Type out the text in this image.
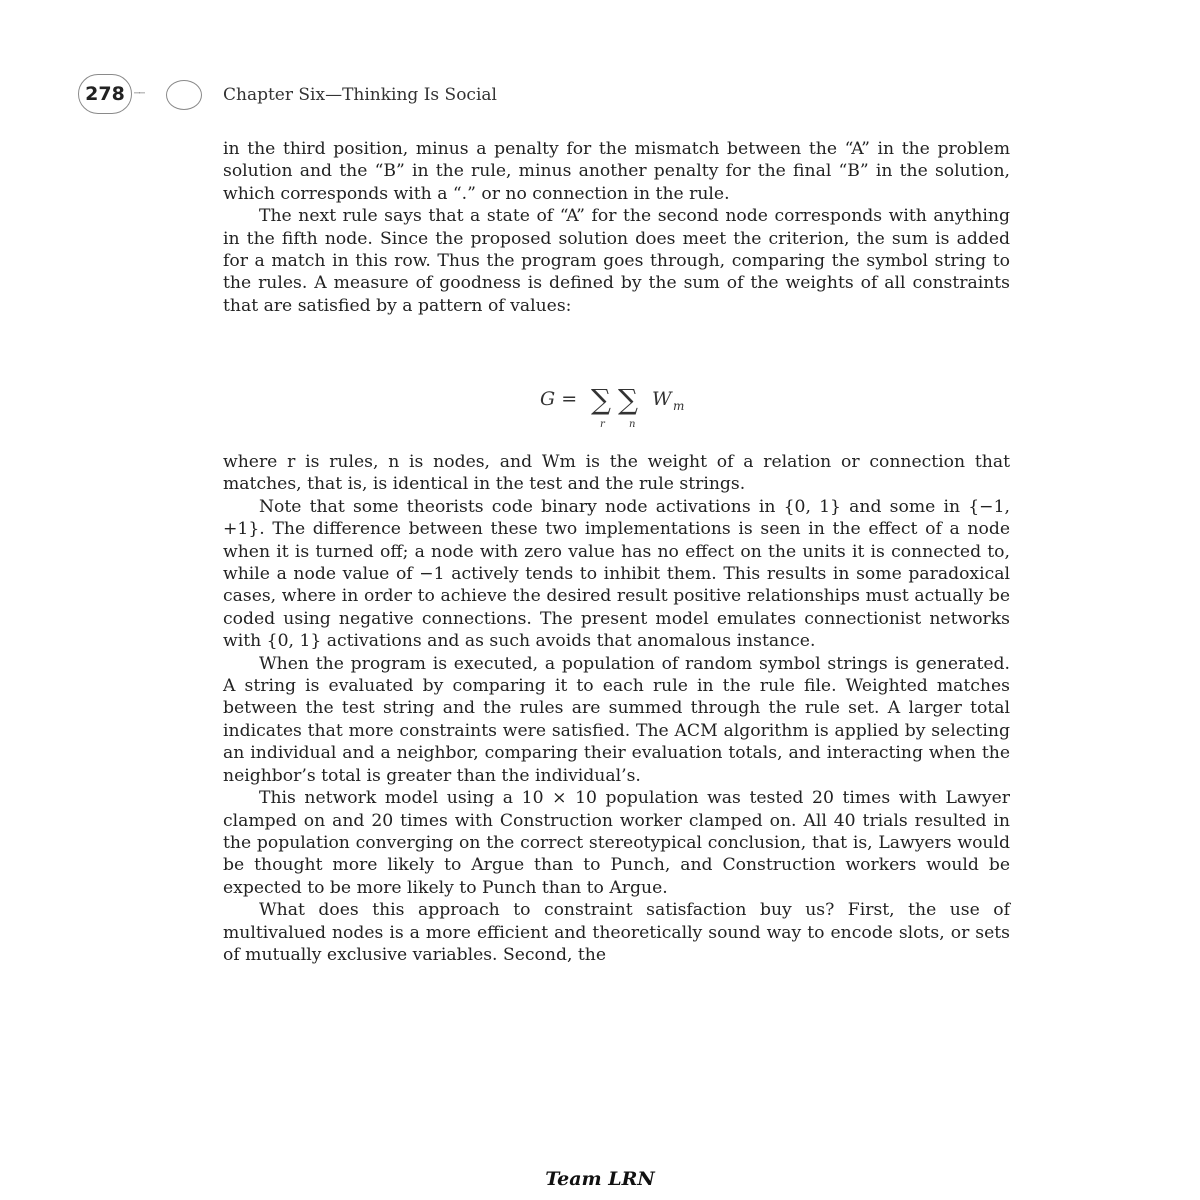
278 ⋯⋯	Chapter Six—Thinking Is Social

in the third position, minus a penalty for the mismatch between the “A” in the problem solution and the “B” in the rule, minus another penalty for the final “B” in the solution, which corresponds with a “.” or no connection in the rule.

The next rule says that a state of “A” for the second node corresponds with anything in the fifth node. Since the proposed solution does meet the criterion, the sum is added for a match in this row. Thus the program goes through, comparing the symbol string to the rules. A measure of goodness is defined by the sum of the weights of all constraints that are satisfied by a pattern of values:

G = ∑ ∑
r n
W m

where r is rules, n is nodes, and Wm is the weight of a relation or connection that matches, that is, is identical in the test and the rule strings.

Note that some theorists code binary node activations in {0, 1} and some in {−1, +1}. The difference between these two implementations is seen in the effect of a node when it is turned off; a node with zero value has no effect on the units it is connected to, while a node value of −1 actively tends to inhibit them. This results in some paradoxical cases, where in order to achieve the desired result positive relationships must actually be coded using negative connections. The present model emulates connectionist networks with {0, 1} activations and as such avoids that anomalous instance.

When the program is executed, a population of random symbol strings is generated. A string is evaluated by comparing it to each rule in the rule file. Weighted matches between the test string and the rules are summed through the rule set. A larger total indicates that more constraints were satisfied. The ACM algorithm is applied by selecting an individual and a neighbor, comparing their evaluation totals, and interacting when the neighbor’s total is greater than the individual’s.

This network model using a 10 × 10 population was tested 20 times with Lawyer clamped on and 20 times with Construction worker clamped on. All 40 trials resulted in the population converging on the correct stereotypical conclusion, that is, Lawyers would be thought more likely to Argue than to Punch, and Construction workers would be expected to be more likely to Punch than to Argue.

What does this approach to constraint satisfaction buy us? First, the use of multivalued nodes is a more efficient and theoretically sound way to encode slots, or sets of mutually exclusive variables. Second, the

Team LRN
